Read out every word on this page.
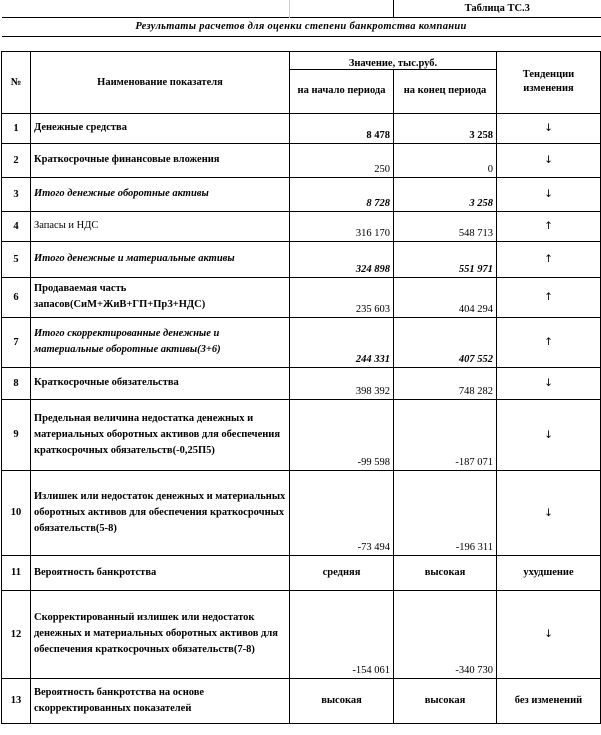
			Таблица ТС.3	
Результаты расчетов для оценки степени банкротства компании				

№	Наименование показателя	Значение, тыс.руб.		Тенденции изменения
		на начало периода	на конец периода	
1	Денежные средства	8 478	3 258	↓
2	Краткосрочные финансовые вложения	250	0	↓
3	Итого денежные оборотные активы	8 728	3 258	↓
4	Запасы и НДС	316 170	548 713	↑
5	Итого денежные и материальные активы	324 898	551 971	↑
6	Продаваемая часть запасов(СиМ+ЖиВ+ГП+ПрЗ+НДС)	235 603	404 294	↑
7	Итого скорректированные денежные и материальные оборотные активы(3+6)	244 331	407 552	↑
8	Краткосрочные обязательства	398 392	748 282	↓
9	Предельная величина недостатка денежных и материальных оборотных активов для обеспечения краткосрочных обязательств(-0,25П5)	-99 598	-187 071	↓
10	Излишек или недостаток денежных и материальных оборотных активов для обеспечения краткосрочных обязательств(5-8)	-73 494	-196 311	↓
11	Вероятность банкротства	средняя	высокая	ухудшение
12	Скорректированный излишек или недостаток денежных и материальных оборотных активов для обеспечения краткосрочных обязательств(7-8)	-154 061	-340 730	↓
13	Вероятность банкротства на основе скорректированных показателей	высокая	высокая	без изменений
